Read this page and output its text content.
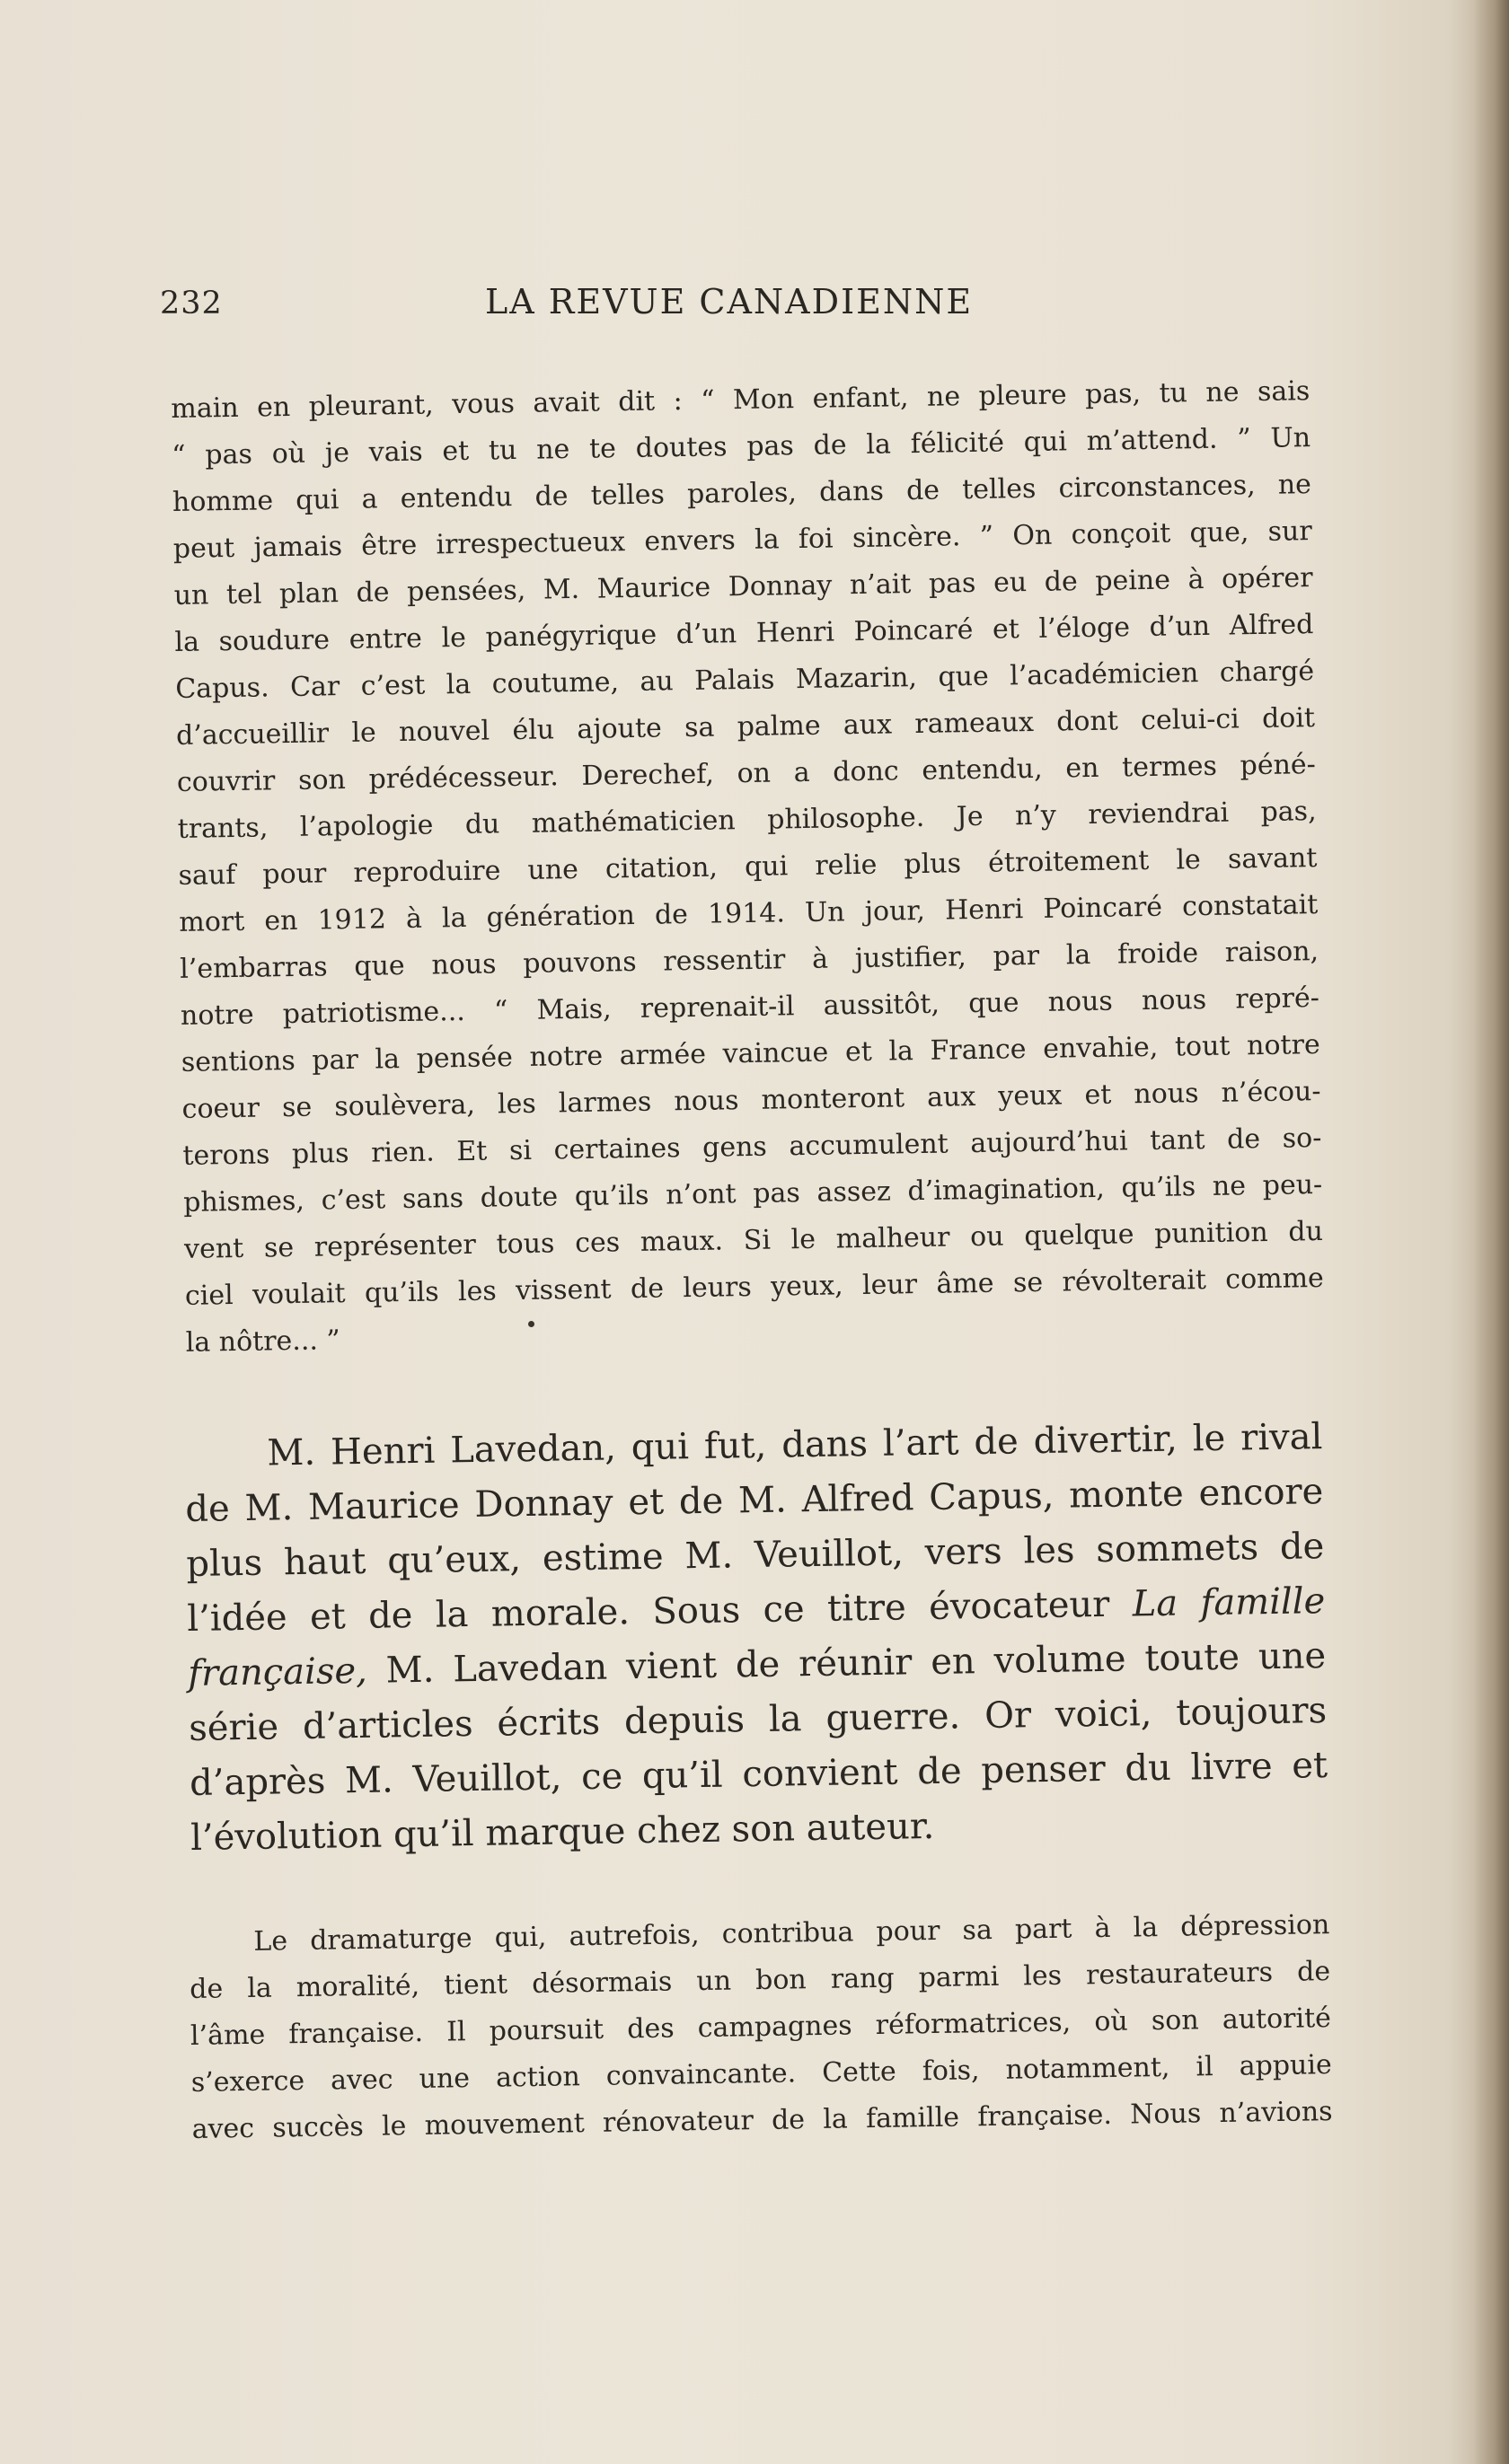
232	LA REVUE CANADIENNE
main en pleurant, vous avait dit : “ Mon enfant, ne pleure pas, tu ne sais
“ pas où je vais et tu ne te doutes pas de la félicité qui m’attend. ” Un
homme qui a entendu de telles paroles, dans de telles circonstances, ne
peut jamais être irrespectueux envers la foi sincère. ” On conçoit que, sur
un tel plan de pensées, M. Maurice Donnay n’ait pas eu de peine à opérer
la soudure entre le panégyrique d’un Henri Poincaré et l’éloge d’un Alfred
Capus. Car c’est la coutume, au Palais Mazarin, que l’académicien chargé
d’accueillir le nouvel élu ajoute sa palme aux rameaux dont celui-ci doit
couvrir son prédécesseur. Derechef, on a donc entendu, en termes péné-
trants, l’apologie du mathématicien philosophe. Je n’y reviendrai pas,
sauf pour reproduire une citation, qui relie plus étroitement le savant
mort en 1912 à la génération de 1914. Un jour, Henri Poincaré constatait
l’embarras que nous pouvons ressentir à justifier, par la froide raison,
notre patriotisme... “ Mais, reprenait-il aussitôt, que nous nous repré-
sentions par la pensée notre armée vaincue et la France envahie, tout notre
coeur se soulèvera, les larmes nous monteront aux yeux et nous n’écou-
terons plus rien. Et si certaines gens accumulent aujourd’hui tant de so-
phismes, c’est sans doute qu’ils n’ont pas assez d’imagination, qu’ils ne peu-
vent se représenter tous ces maux. Si le malheur ou quelque punition du
ciel voulait qu’ils les vissent de leurs yeux, leur âme se révolterait comme
la nôtre... ”
M. Henri Lavedan, qui fut, dans l’art de divertir, le rival
de M. Maurice Donnay et de M. Alfred Capus, monte encore
plus haut qu’eux, estime M. Veuillot, vers les sommets de
l’idée et de la morale. Sous ce titre évocateur La famille
française, M. Lavedan vient de réunir en volume toute une
série d’articles écrits depuis la guerre. Or voici, toujours
d’après M. Veuillot, ce qu’il convient de penser du livre et
l’évolution qu’il marque chez son auteur.
Le dramaturge qui, autrefois, contribua pour sa part à la dépression
de la moralité, tient désormais un bon rang parmi les restaurateurs de
l’âme française. Il poursuit des campagnes réformatrices, où son autorité
s’exerce avec une action convaincante. Cette fois, notamment, il appuie
avec succès le mouvement rénovateur de la famille française. Nous n’avions
